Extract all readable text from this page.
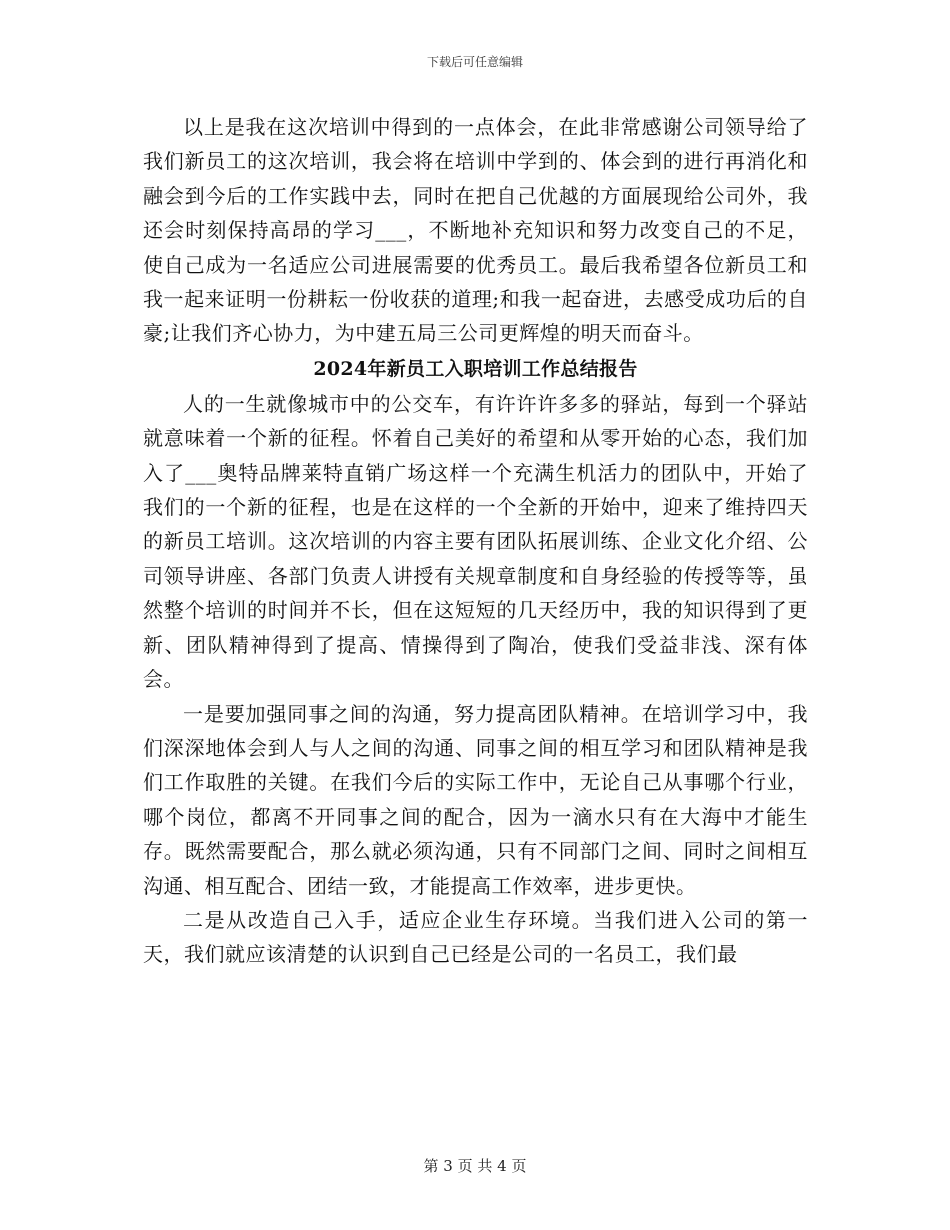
下载后可任意编辑

以上是我在这次培训中得到的一点体会，在此非常感谢公司领导给了我们新员工的这次培训，我会将在培训中学到的、体会到的进行再消化和融会到今后的工作实践中去，同时在把自己优越的方面展现给公司外，我还会时刻保持高昂的学习___，不断地补充知识和努力改变自己的不足，使自己成为一名适应公司进展需要的优秀员工。最后我希望各位新员工和我一起来证明一份耕耘一份收获的道理;和我一起奋进，去感受成功后的自豪;让我们齐心协力，为中建五局三公司更辉煌的明天而奋斗。

2024年新员工入职培训工作总结报告

人的一生就像城市中的公交车，有许许许多多的驿站，每到一个驿站就意味着一个新的征程。怀着自己美好的希望和从零开始的心态，我们加入了___奥特品牌莱特直销广场这样一个充满生机活力的团队中，开始了我们的一个新的征程，也是在这样的一个全新的开始中，迎来了维持四天的新员工培训。这次培训的内容主要有团队拓展训练、企业文化介绍、公司领导讲座、各部门负责人讲授有关规章制度和自身经验的传授等等，虽然整个培训的时间并不长，但在这短短的几天经历中，我的知识得到了更新、团队精神得到了提高、情操得到了陶冶，使我们受益非浅、深有体会。

一是要加强同事之间的沟通，努力提高团队精神。在培训学习中，我们深深地体会到人与人之间的沟通、同事之间的相互学习和团队精神是我们工作取胜的关键。在我们今后的实际工作中，无论自己从事哪个行业，哪个岗位，都离不开同事之间的配合，因为一滴水只有在大海中才能生存。既然需要配合，那么就必须沟通，只有不同部门之间、同时之间相互沟通、相互配合、团结一致，才能提高工作效率，进步更快。

二是从改造自己入手，适应企业生存环境。当我们进入公司的第一天，我们就应该清楚的认识到自己已经是公司的一名员工，我们最

第 3 页 共 4 页
